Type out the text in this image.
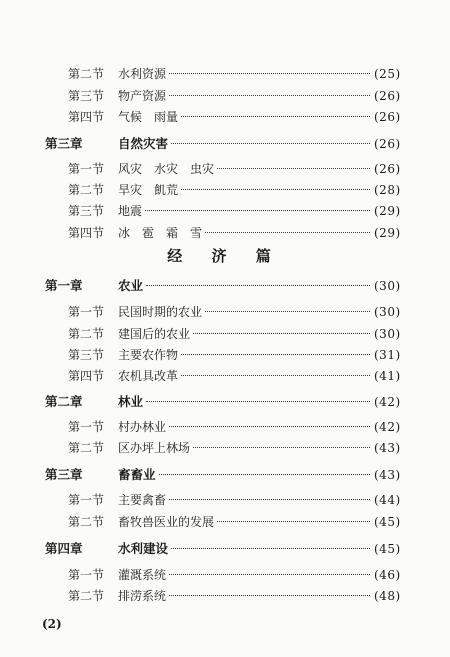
第二节 水利资源	(25)
第三节 物产资源	(26)
第四节 气候　雨量	(26)
第三章	自然灾害	(26)
第一节 风灾　水灾　虫灾	(26)
第二节 旱灾　飢荒	(28)
第三节 地震	(29)
第四节 冰　雹　霜　雪	(29)
第一章	农业	(30)
第一节 民国时期的农业	(30)
第二节 建国后的农业	(30)
第三节 主要农作物	(31)
第四节 农机具改革	(41)
第二章	林业	(42)
第一节 村办林业	(42)
第二节 区办坪上林场	(43)
第三章	畜畜业	(43)
第一节 主要禽畜	(44)
第二节 畜牧兽医业的发展	(45)
第四章	水利建设	(45)
第一节 灌溉系统	(46)
第二节 排涝系统	(48)
经 济 篇
(2)
